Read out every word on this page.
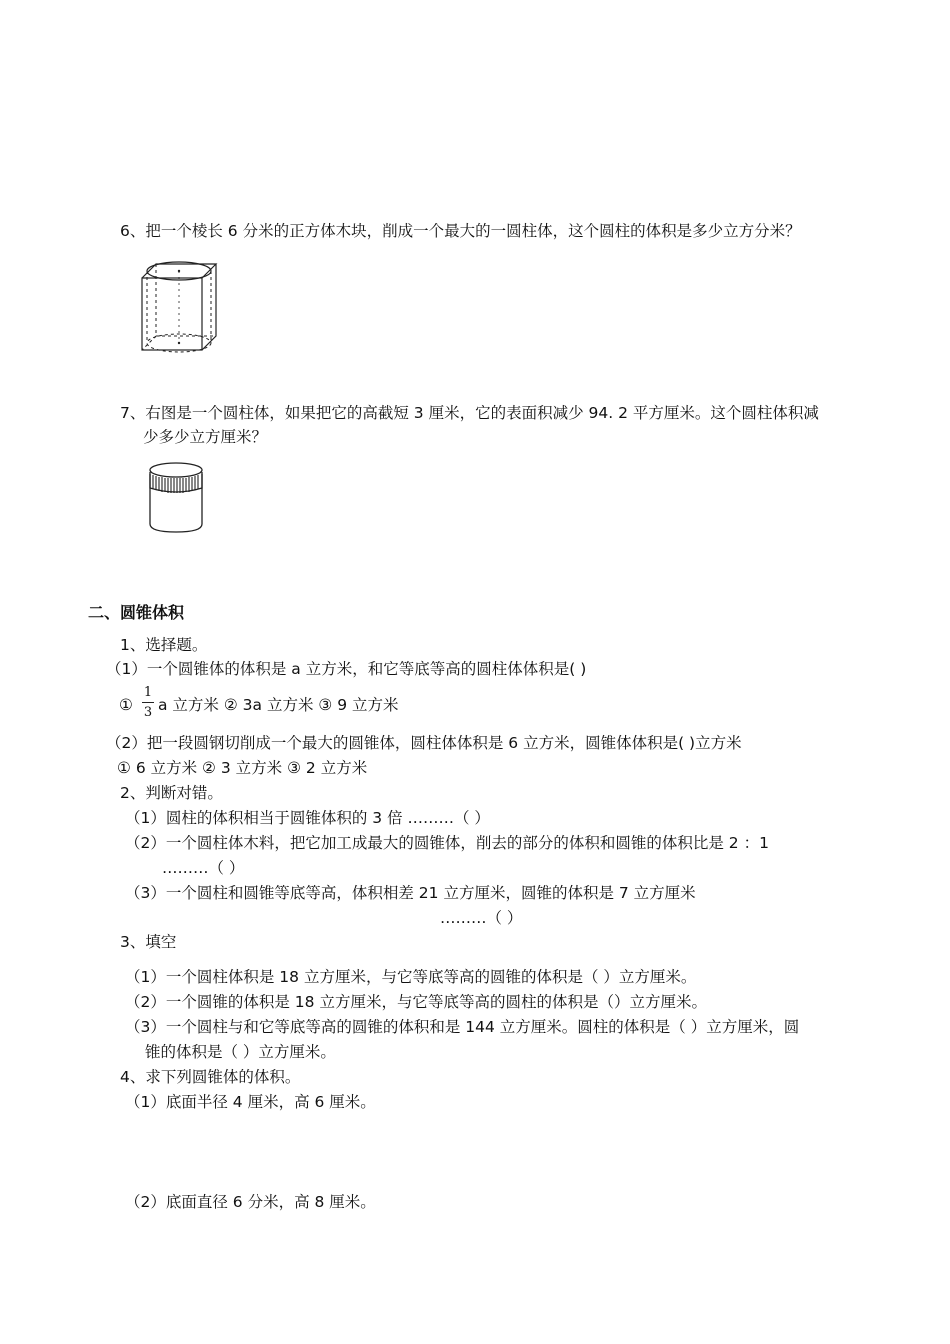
6、把一个棱长 6 分米的正方体木块，削成一个最大的一圆柱体，这个圆柱的体积是多少立方分米？
7、右图是一个圆柱体，如果把它的高截短 3 厘米，它的表面积减少 94. 2 平方厘米。这个圆柱体积减
少多少立方厘米？
二、圆锥体积
1、选择题。
（1）一个圆锥体的体积是 a 立方米，和它等底等高的圆柱体体积是( )
①
1
3 a 立方米 ② 3a 立方米 ③ 9 立方米
（2）把一段圆钢切削成一个最大的圆锥体，圆柱体体积是 6 立方米，圆锥体体积是( )立方米
① 6 立方米 ② 3 立方米 ③ 2 立方米
2、判断对错。
（1）圆柱的体积相当于圆锥体积的 3 倍 ………（ ）
（2）一个圆柱体木料，把它加工成最大的圆锥体，削去的部分的体积和圆锥的体积比是 2 ：1
………（ ）
（3）一个圆柱和圆锥等底等高，体积相差 21 立方厘米，圆锥的体积是 7 立方厘米
………（ ）
3、填空
（1）一个圆柱体积是 18 立方厘米，与它等底等高的圆锥的体积是（ ）立方厘米。
（2）一个圆锥的体积是 18 立方厘米，与它等底等高的圆柱的体积是（）立方厘米。
（3）一个圆柱与和它等底等高的圆锥的体积和是 144 立方厘米。圆柱的体积是（ ）立方厘米，圆
锥的体积是（ ）立方厘米。
4、求下列圆锥体的体积。
（1）底面半径 4 厘米，高 6 厘米。
（2）底面直径 6 分米，高 8 厘米。
